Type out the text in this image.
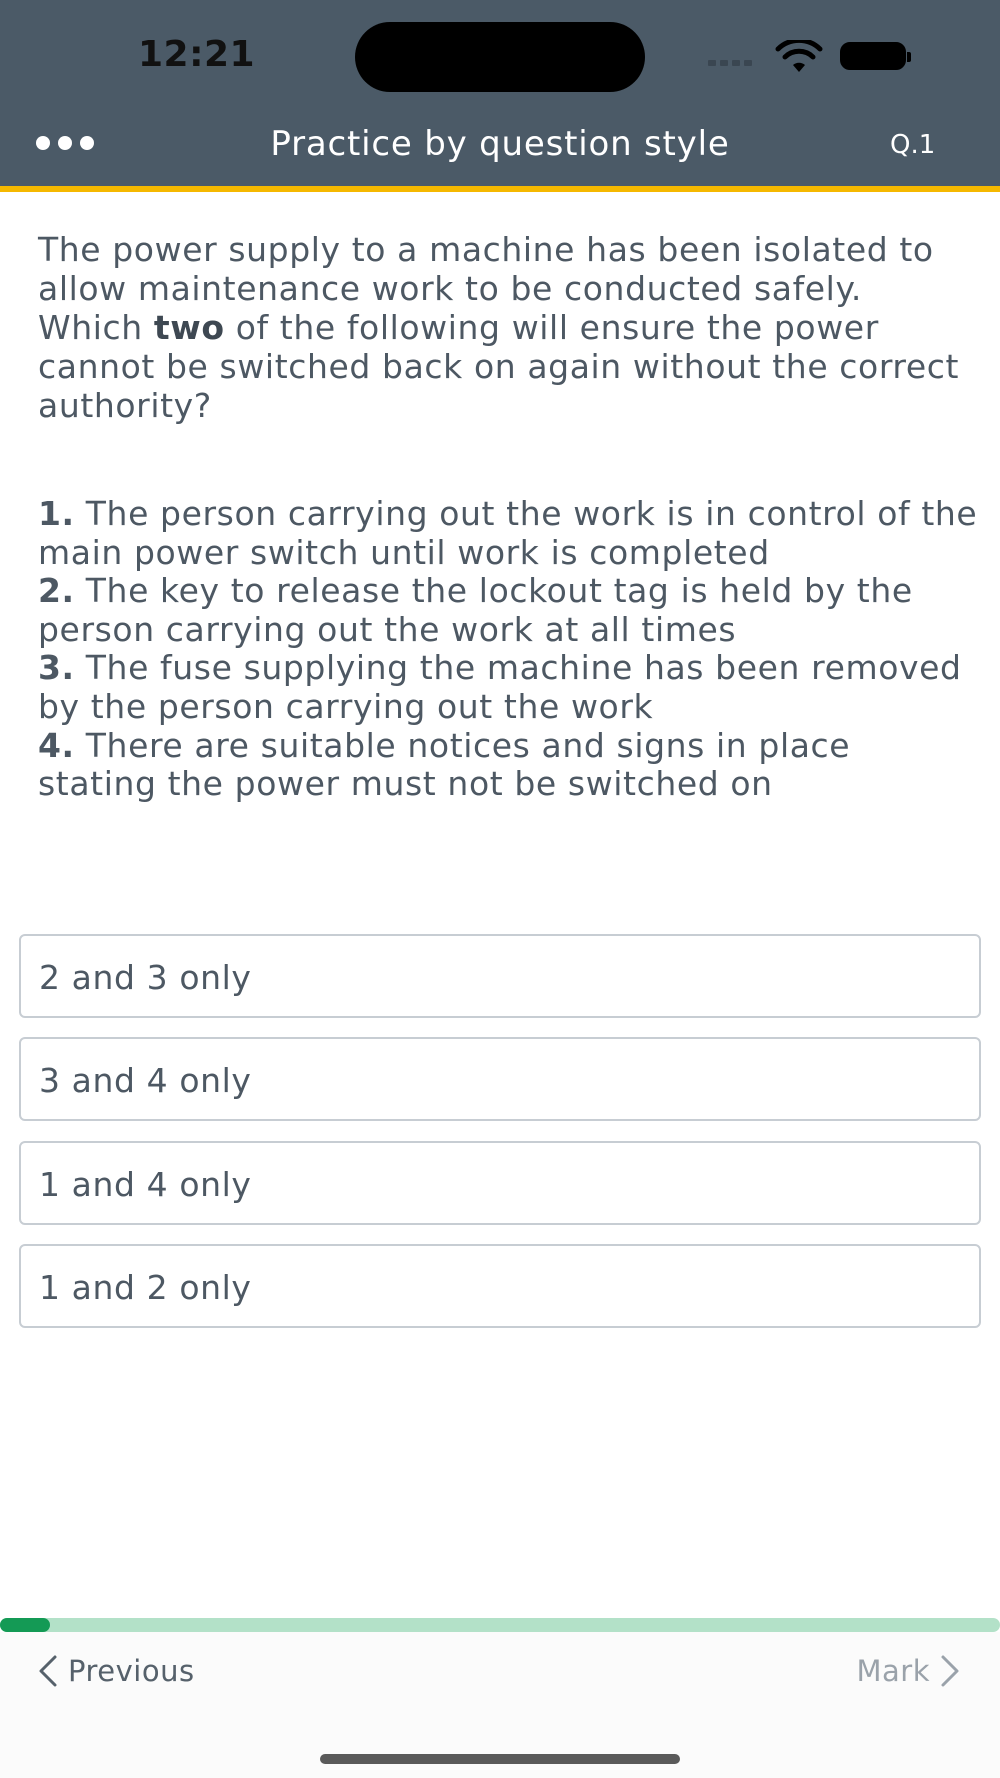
12:21
Practice by question style	Q.1
The power supply to a machine has been isolated to allow maintenance work to be conducted safely. Which two of the following will ensure the power cannot be switched back on again without the correct authority?
1. The person carrying out the work is in control of the main power switch until work is completed
2. The key to release the lockout tag is held by the person carrying out the work at all times
3. The fuse supplying the machine has been removed by the person carrying out the work
4. There are suitable notices and signs in place stating the power must not be switched on
2 and 3 only
3 and 4 only
1 and 4 only
1 and 2 only
Previous	Mark
